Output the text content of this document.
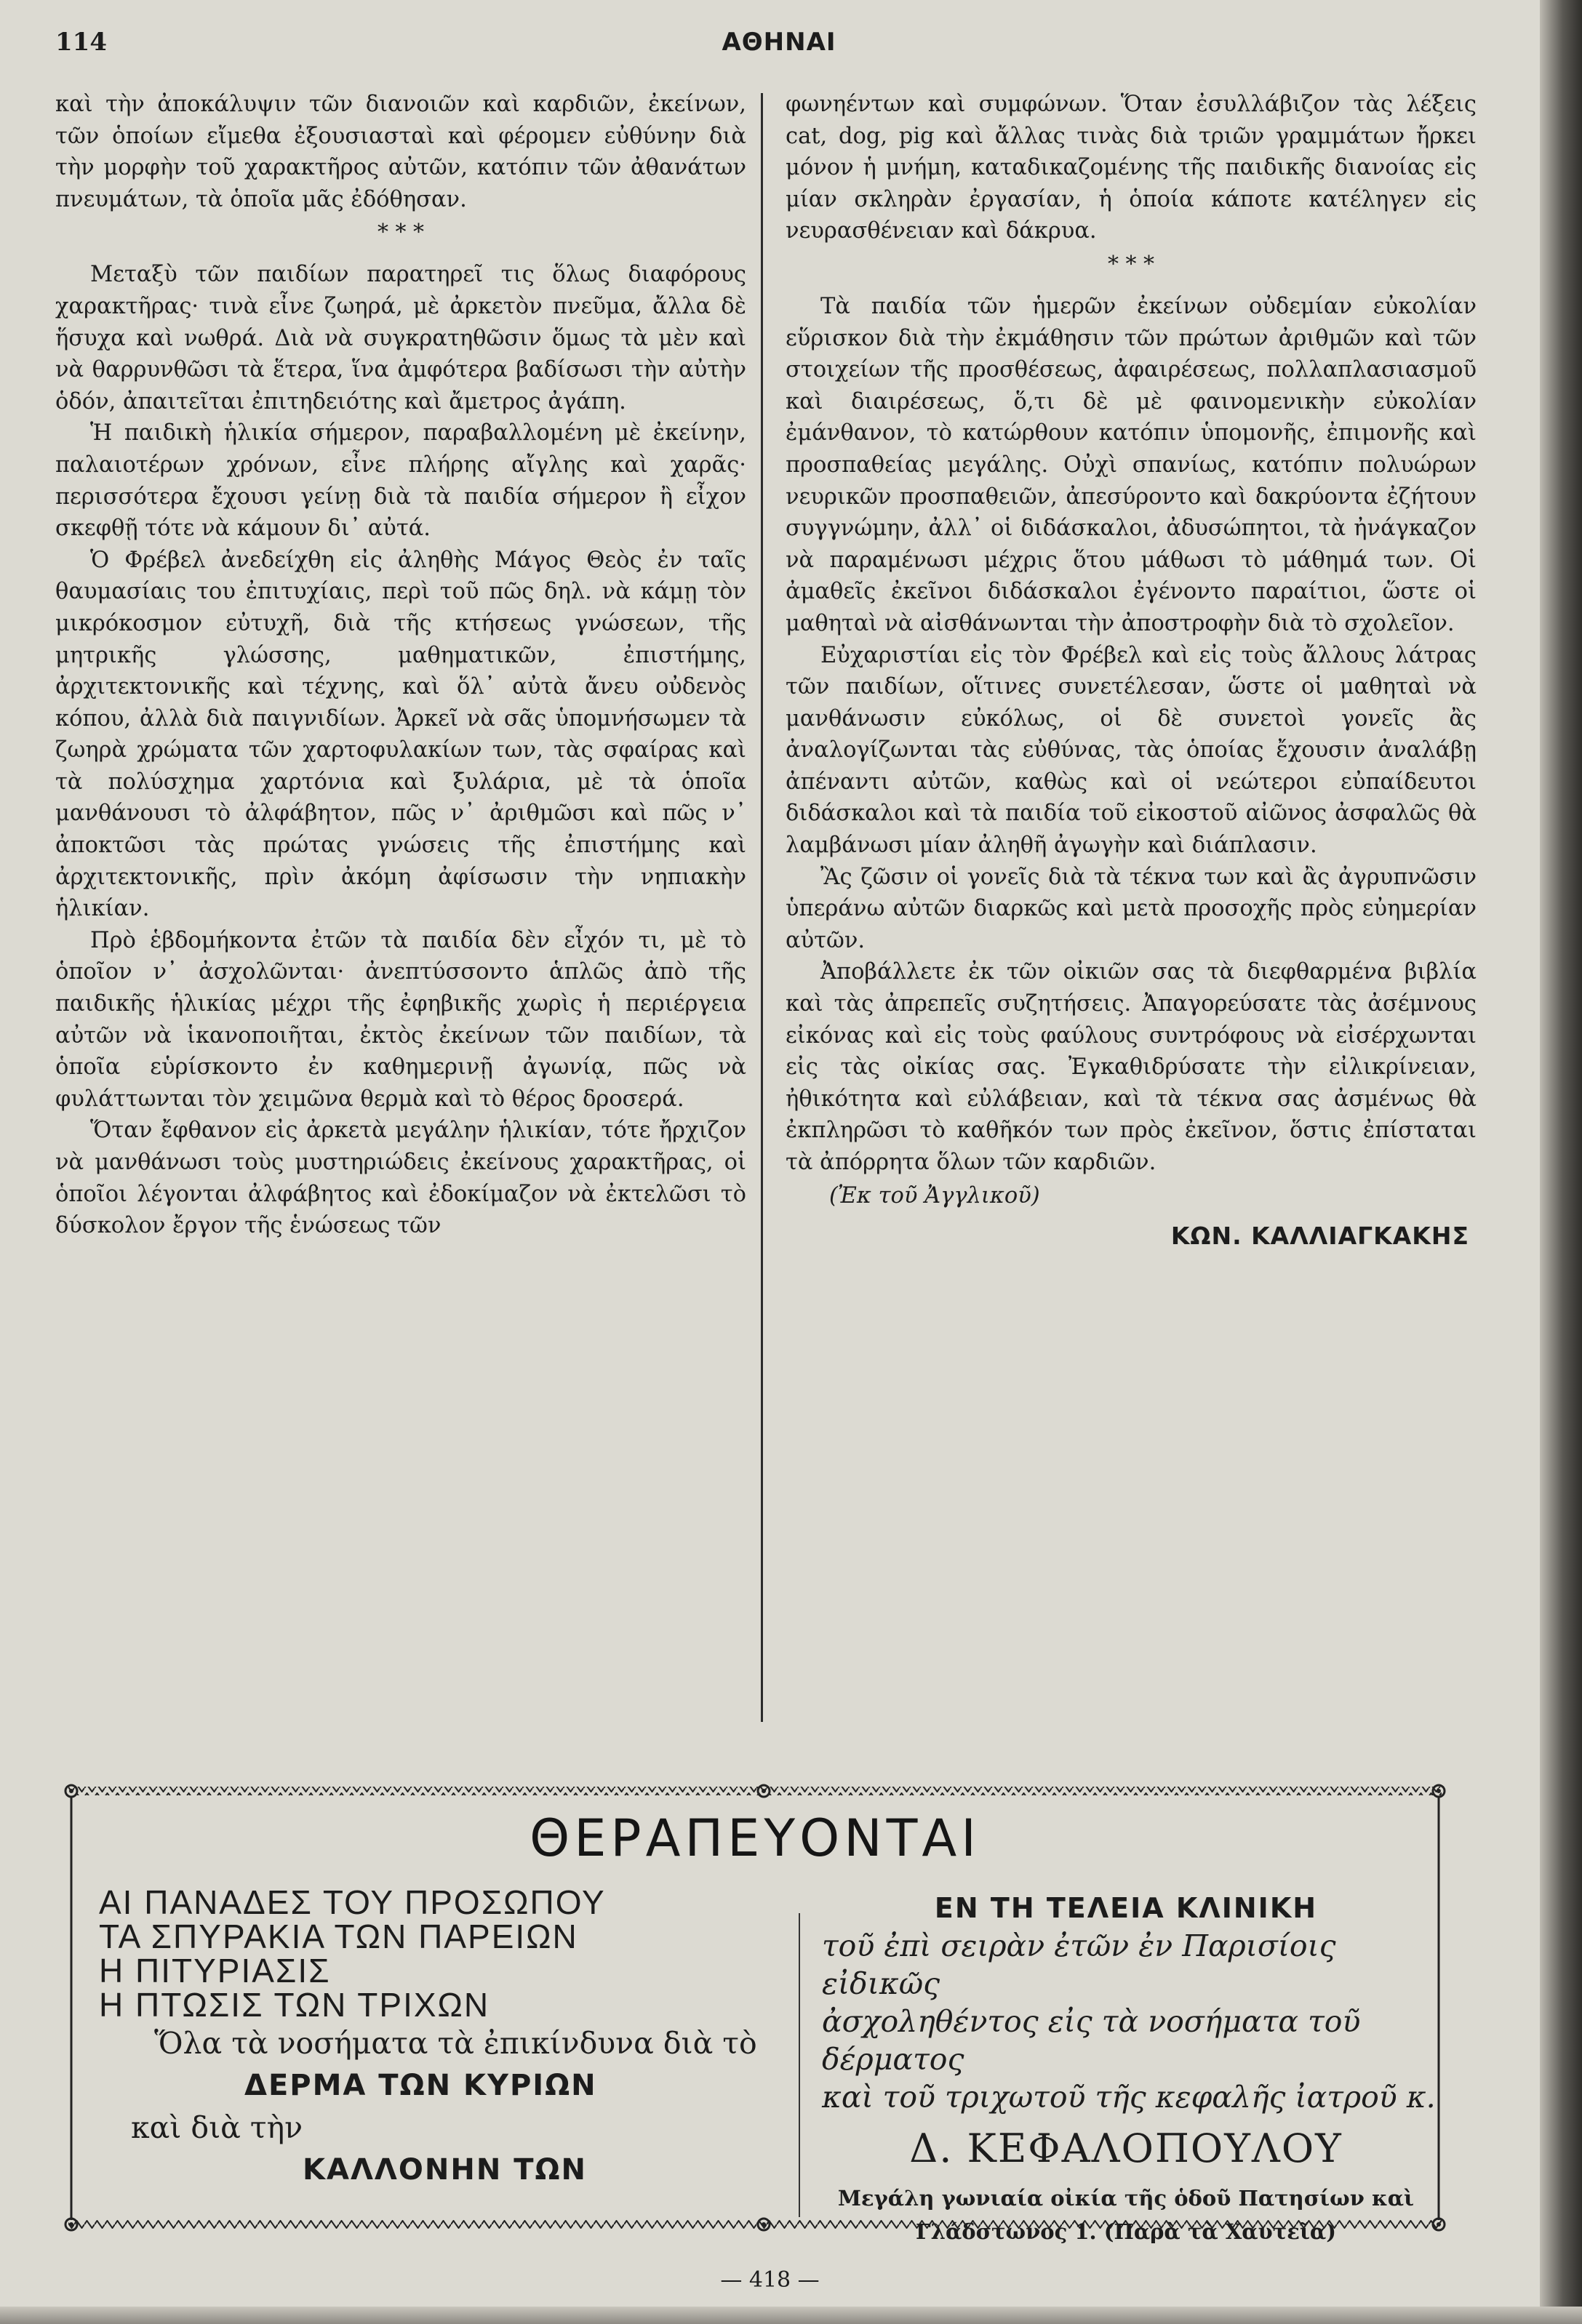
114	ΑΘΗΝΑΙ

καὶ τὴν ἀποκάλυψιν τῶν διανοιῶν καὶ καρδιῶν, ἐκείνων, τῶν ὁποίων εἴμεθα ἐξουσιασταὶ καὶ φέρομεν εὐθύνην διὰ τὴν μορφὴν τοῦ χαρακτῆρος αὐτῶν, κατόπιν τῶν ἀθανάτων πνευμάτων, τὰ ὁποῖα μᾶς ἐδόθησαν.

* * *

Μεταξὺ τῶν παιδίων παρατηρεῖ τις ὅλως διαφόρους χαρακτῆρας· τινὰ εἶνε ζωηρά, μὲ ἀρκετὸν πνεῦμα, ἄλλα δὲ ἥσυχα καὶ νωθρά. Διὰ νὰ συγκρατηθῶσιν ὅμως τὰ μὲν καὶ νὰ θαρρυνθῶσι τὰ ἕτερα, ἵνα ἀμφότερα βαδίσωσι τὴν αὐτὴν ὁδόν, ἀπαιτεῖται ἐπιτηδειότης καὶ ἄμετρος ἀγάπη.

Ἡ παιδικὴ ἡλικία σήμερον, παραβαλλομένη μὲ ἐκείνην, παλαιοτέρων χρόνων, εἶνε πλήρης αἴγλης καὶ χαρᾶς· περισσότερα ἔχουσι γείνῃ διὰ τὰ παιδία σήμερον ἢ εἶχον σκεφθῇ τότε νὰ κάμουν δι᾽ αὐτά.

Ὁ Φρέβελ ἀνεδείχθη εἰς ἀληθὴς Μάγος Θεὸς ἐν ταῖς θαυμασίαις του ἐπιτυχίαις, περὶ τοῦ πῶς δηλ. νὰ κάμῃ τὸν μικρόκοσμον εὐτυχῆ, διὰ τῆς κτήσεως γνώσεων, τῆς μητρικῆς γλώσσης, μαθηματικῶν, ἐπιστήμης, ἀρχιτεκτονικῆς καὶ τέχνης, καὶ ὅλ᾽ αὐτὰ ἄνευ οὐδενὸς κόπου, ἀλλὰ διὰ παιγνιδίων. Ἀρκεῖ νὰ σᾶς ὑπομνήσωμεν τὰ ζωηρὰ χρώματα τῶν χαρτοφυλακίων των, τὰς σφαίρας καὶ τὰ πολύσχημα χαρτόνια καὶ ξυλάρια, μὲ τὰ ὁποῖα μανθάνουσι τὸ ἀλφάβητον, πῶς ν᾽ ἀριθμῶσι καὶ πῶς ν᾽ ἀποκτῶσι τὰς πρώτας γνώσεις τῆς ἐπιστήμης καὶ ἀρχιτεκτονικῆς, πρὶν ἀκόμη ἀφίσωσιν τὴν νηπιακὴν ἡλικίαν.

Πρὸ ἑβδομήκοντα ἐτῶν τὰ παιδία δὲν εἶχόν τι, μὲ τὸ ὁποῖον ν᾽ ἀσχολῶνται· ἀνεπτύσσοντο ἁπλῶς ἀπὸ τῆς παιδικῆς ἡλικίας μέχρι τῆς ἐφηβικῆς χωρὶς ἡ περιέργεια αὐτῶν νὰ ἱκανοποιῆται, ἐκτὸς ἐκείνων τῶν παιδίων, τὰ ὁποῖα εὑρίσκοντο ἐν καθημερινῇ ἀγωνίᾳ, πῶς νὰ φυλάττωνται τὸν χειμῶνα θερμὰ καὶ τὸ θέρος δροσερά.

Ὅταν ἔφθανον εἰς ἀρκετὰ μεγάλην ἡλικίαν, τότε ἤρχιζον νὰ μανθάνωσι τοὺς μυστηριώδεις ἐκείνους χαρακτῆρας, οἱ ὁποῖοι λέγονται ἀλφάβητος καὶ ἐδοκίμαζον νὰ ἐκτελῶσι τὸ δύσκολον ἔργον τῆς ἑνώσεως τῶν

φωνηέντων καὶ συμφώνων. Ὅταν ἐσυλλάβιζον τὰς λέξεις cat, dog, pig καὶ ἄλλας τινὰς διὰ τριῶν γραμμάτων ἤρκει μόνον ἡ μνήμη, καταδικαζομένης τῆς παιδικῆς διανοίας εἰς μίαν σκληρὰν ἐργασίαν, ἡ ὁποία κάποτε κατέληγεν εἰς νευρασθένειαν καὶ δάκρυα.

* * *

Τὰ παιδία τῶν ἡμερῶν ἐκείνων οὐδεμίαν εὐκολίαν εὕρισκον διὰ τὴν ἐκμάθησιν τῶν πρώτων ἀριθμῶν καὶ τῶν στοιχείων τῆς προσθέσεως, ἀφαιρέσεως, πολλαπλασιασμοῦ καὶ διαιρέσεως, ὅ,τι δὲ μὲ φαινομενικὴν εὐκολίαν ἐμάνθανον, τὸ κατώρθουν κατόπιν ὑπομονῆς, ἐπιμονῆς καὶ προσπαθείας μεγάλης. Οὐχὶ σπανίως, κατόπιν πολυώρων νευρικῶν προσπαθειῶν, ἀπεσύροντο καὶ δακρύοντα ἐζήτουν συγγνώμην, ἀλλ᾽ οἱ διδάσκαλοι, ἀδυσώπητοι, τὰ ἠνάγκαζον νὰ παραμένωσι μέχρις ὅτου μάθωσι τὸ μάθημά των. Οἱ ἀμαθεῖς ἐκεῖνοι διδάσκαλοι ἐγένοντο παραίτιοι, ὥστε οἱ μαθηταὶ νὰ αἰσθάνωνται τὴν ἀποστροφὴν διὰ τὸ σχολεῖον.

Εὐχαριστίαι εἰς τὸν Φρέβελ καὶ εἰς τοὺς ἄλλους λάτρας τῶν παιδίων, οἵτινες συνετέλεσαν, ὥστε οἱ μαθηταὶ νὰ μανθάνωσιν εὐκόλως, οἱ δὲ συνετοὶ γονεῖς ἂς ἀναλογίζωνται τὰς εὐθύνας, τὰς ὁποίας ἔχουσιν ἀναλάβῃ ἀπέναντι αὐτῶν, καθὼς καὶ οἱ νεώτεροι εὐπαίδευτοι διδάσκαλοι καὶ τὰ παιδία τοῦ εἰκοστοῦ αἰῶνος ἀσφαλῶς θὰ λαμβάνωσι μίαν ἀληθῆ ἀγωγὴν καὶ διάπλασιν.

Ἂς ζῶσιν οἱ γονεῖς διὰ τὰ τέκνα των καὶ ἂς ἀγρυπνῶσιν ὑπεράνω αὐτῶν διαρκῶς καὶ μετὰ προσοχῆς πρὸς εὐημερίαν αὐτῶν.

Ἀποβάλλετε ἐκ τῶν οἰκιῶν σας τὰ διεφθαρμένα βιβλία καὶ τὰς ἀπρεπεῖς συζητήσεις. Ἀπαγορεύσατε τὰς ἀσέμνους εἰκόνας καὶ εἰς τοὺς φαύλους συντρόφους νὰ εἰσέρχωνται εἰς τὰς οἰκίας σας. Ἐγκαθιδρύσατε τὴν εἰλικρίνειαν, ἠθικότητα καὶ εὐλάβειαν, καὶ τὰ τέκνα σας ἀσμένως θὰ ἐκπληρῶσι τὸ καθῆκόν των πρὸς ἐκεῖνον, ὅστις ἐπίσταται τὰ ἀπόρρητα ὅλων τῶν καρδιῶν.

(Ἐκ τοῦ Ἀγγλικοῦ)

ΚΩΝ. ΚΑΛΛΙΑΓΚΑΚΗΣ

ΘΕΡΑΠΕΥΟΝΤΑΙ
ΑΙ ΠΑΝΑΔΕΣ ΤΟΥ ΠΡΟΣΩΠΟΥ
ΤΑ ΣΠΥΡΑΚΙΑ ΤΩΝ ΠΑΡΕΙΩΝ
Η ΠΙΤΥΡΙΑΣΙΣ
Η ΠΤΩΣΙΣ ΤΩΝ ΤΡΙΧΩΝ
Ὅλα τὰ νοσήματα τὰ ἐπικίνδυνα διὰ τὸ
ΔΕΡΜΑ ΤΩΝ ΚΥΡΙΩΝ
καὶ διὰ τὴν
ΚΑΛΛΟΝΗΝ ΤΩΝ
ΕΝ ΤΗ ΤΕΛΕΙΑ ΚΛΙΝΙΚΗ
τοῦ ἐπὶ σειρὰν ἐτῶν ἐν Παρισίοις εἰδικῶς
ἀσχοληθέντος εἰς τὰ νοσήματα τοῦ δέρματος
καὶ τοῦ τριχωτοῦ τῆς κεφαλῆς ἰατροῦ κ.
Δ. ΚΕΦΑΛΟΠΟΥΛΟΥ
Μεγάλη γωνιαία οἰκία τῆς ὁδοῦ Πατησίων καὶ
Γλάδστωνος 1. (Παρὰ τὰ Χαυτεῖα)
— 418 —
